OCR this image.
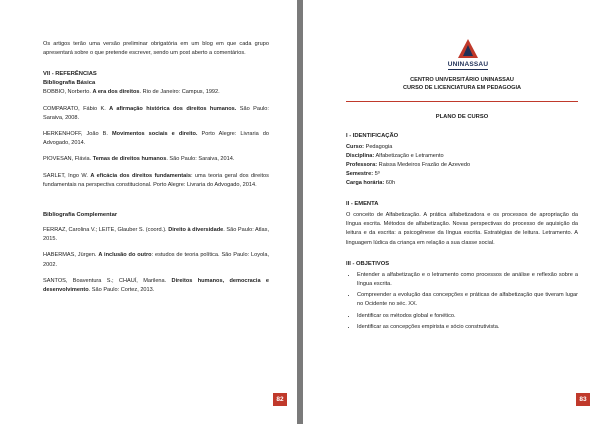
Os artigos terão uma versão preliminar obrigatória em um blog em que cada grupo apresentará sobre o que pretende escrever, sendo um post aberto a comentários.

VII - REFERÊNCIAS

Bibliografia Básica

BOBBIO, Norberto. A era dos direitos. Rio de Janeiro: Campus, 1992.

COMPARATO, Fábio K. A afirmação histórica dos direitos humanos. São Paulo: Saraiva, 2008.

HERKENHOFF, João B. Movimentos sociais e direito. Porto Alegre: Livraria do Advogado, 2014.

PIOVESAN, Flávia. Temas de direitos humanos. São Paulo: Saraiva, 2014.

SARLET, Ingo W. A eficácia dos direitos fundamentais: uma teoria geral dos direitos fundamentais na perspectiva constitucional. Porto Alegre: Livraria do Advogado, 2014.

Bibliografia Complementar

FERRAZ, Carolina V.; LEITE, Glauber S. (coord.). Direito à diversidade. São Paulo: Atlas, 2015.

HABERMAS, Jürgen. A inclusão do outro: estudos de teoria política. São Paulo: Loyola, 2002.

SANTOS, Boaventura S.; CHAUÍ, Marilena. Direitos humanos, democracia e desenvolvimento. São Paulo: Cortez, 2013.

82
UNINASSAU
CENTRO UNIVERSITÁRIO UNINASSAU
CURSO DE LICENCIATURA EM PEDAGOGIA

PLANO DE CURSO

I - IDENTIFICAÇÃO

Curso: Pedagogia

Disciplina: Alfabetização e Letramento

Professora: Raissa Medeiros Frazão de Azevedo

Semestre: 5º

Carga horária: 60h

II - EMENTA

O conceito de Alfabetização. A prática alfabetizadora e os processos de apropriação da língua escrita. Métodos de alfabetização. Novas perspectivas do processo de aquisição da leitura e da escrita: a psicogênese da língua escrita. Estratégias de leitura. Letramento. A linguagem lúdica da criança em relação a sua classe social.

III - OBJETIVOS

• Entender a alfabetização e o letramento como processos de análise e reflexão sobre a língua escrita.
• Compreender a evolução das concepções e práticas de alfabetização que tiveram lugar no Ocidente no séc. XX.
• Identificar os métodos global e fonético.
• Identificar as concepções empirista e sócio construtivista.
83
